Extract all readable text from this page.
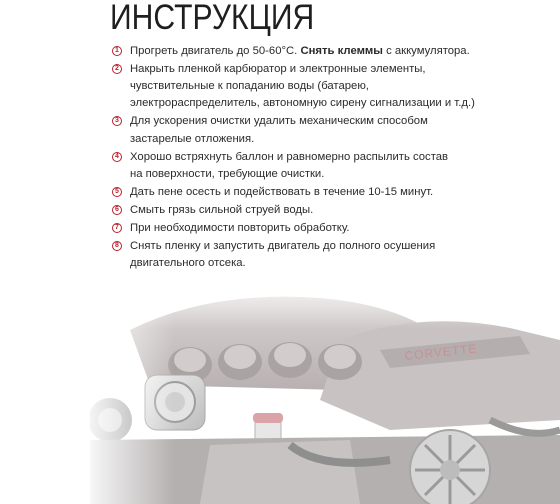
ИНСТРУКЦИЯ
1 Прогреть двигатель до 50-60°С. Снять клеммы с аккумулятора.
2 Накрыть пленкой карбюратор и электронные элементы,
чувствительные к попаданию воды (батарею,
электрораспределитель, автономную сирену сигнализации и т.д.)
3 Для ускорения очистки удалить механическим способом
застарелые отложения.
4 Хорошо встряхнуть баллон и равномерно распылить состав
на поверхности, требующие очистки.
5 Дать пене осесть и подействовать в течение 10-15 минут.
6 Смыть грязь сильной струей воды.
7 При необходимости повторить обработку.
8 Снять пленку и запустить двигатель до полного осушения
двигательного отсека.
